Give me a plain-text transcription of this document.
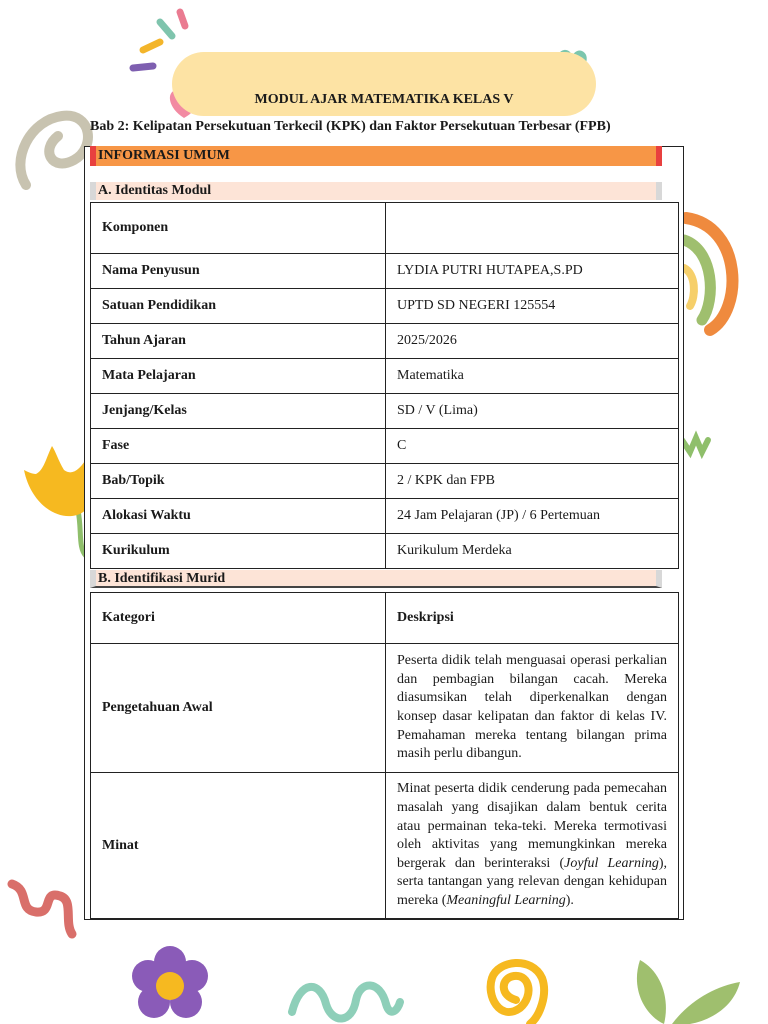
MODUL AJAR MATEMATIKA KELAS V
Bab 2: Kelipatan Persekutuan Terkecil (KPK) dan Faktor Persekutuan Terbesar (FPB)
INFORMASI UMUM
A. Identitas Modul
Komponen	
Nama Penyusun	LYDIA PUTRI HUTAPEA,S.PD
Satuan Pendidikan	UPTD SD NEGERI 125554
Tahun Ajaran	2025/2026
Mata Pelajaran	Matematika
Jenjang/Kelas	SD / V (Lima)
Fase	C
Bab/Topik	2 / KPK dan FPB
Alokasi Waktu	24 Jam Pelajaran (JP) / 6 Pertemuan
Kurikulum	Kurikulum Merdeka
B. Identifikasi Murid
Kategori	Deskripsi
Pengetahuan Awal	Peserta didik telah menguasai operasi perkalian dan pembagian bilangan cacah. Mereka diasumsikan telah diperkenalkan dengan konsep dasar kelipatan dan faktor di kelas IV. Pemahaman mereka tentang bilangan prima masih perlu dibangun.
Minat	Minat peserta didik cenderung pada pemecahan masalah yang disajikan dalam bentuk cerita atau permainan teka-teki. Mereka termotivasi oleh aktivitas yang memungkinkan mereka bergerak dan berinteraksi (Joyful Learning), serta tantangan yang relevan dengan kehidupan mereka (Meaningful Learning).
